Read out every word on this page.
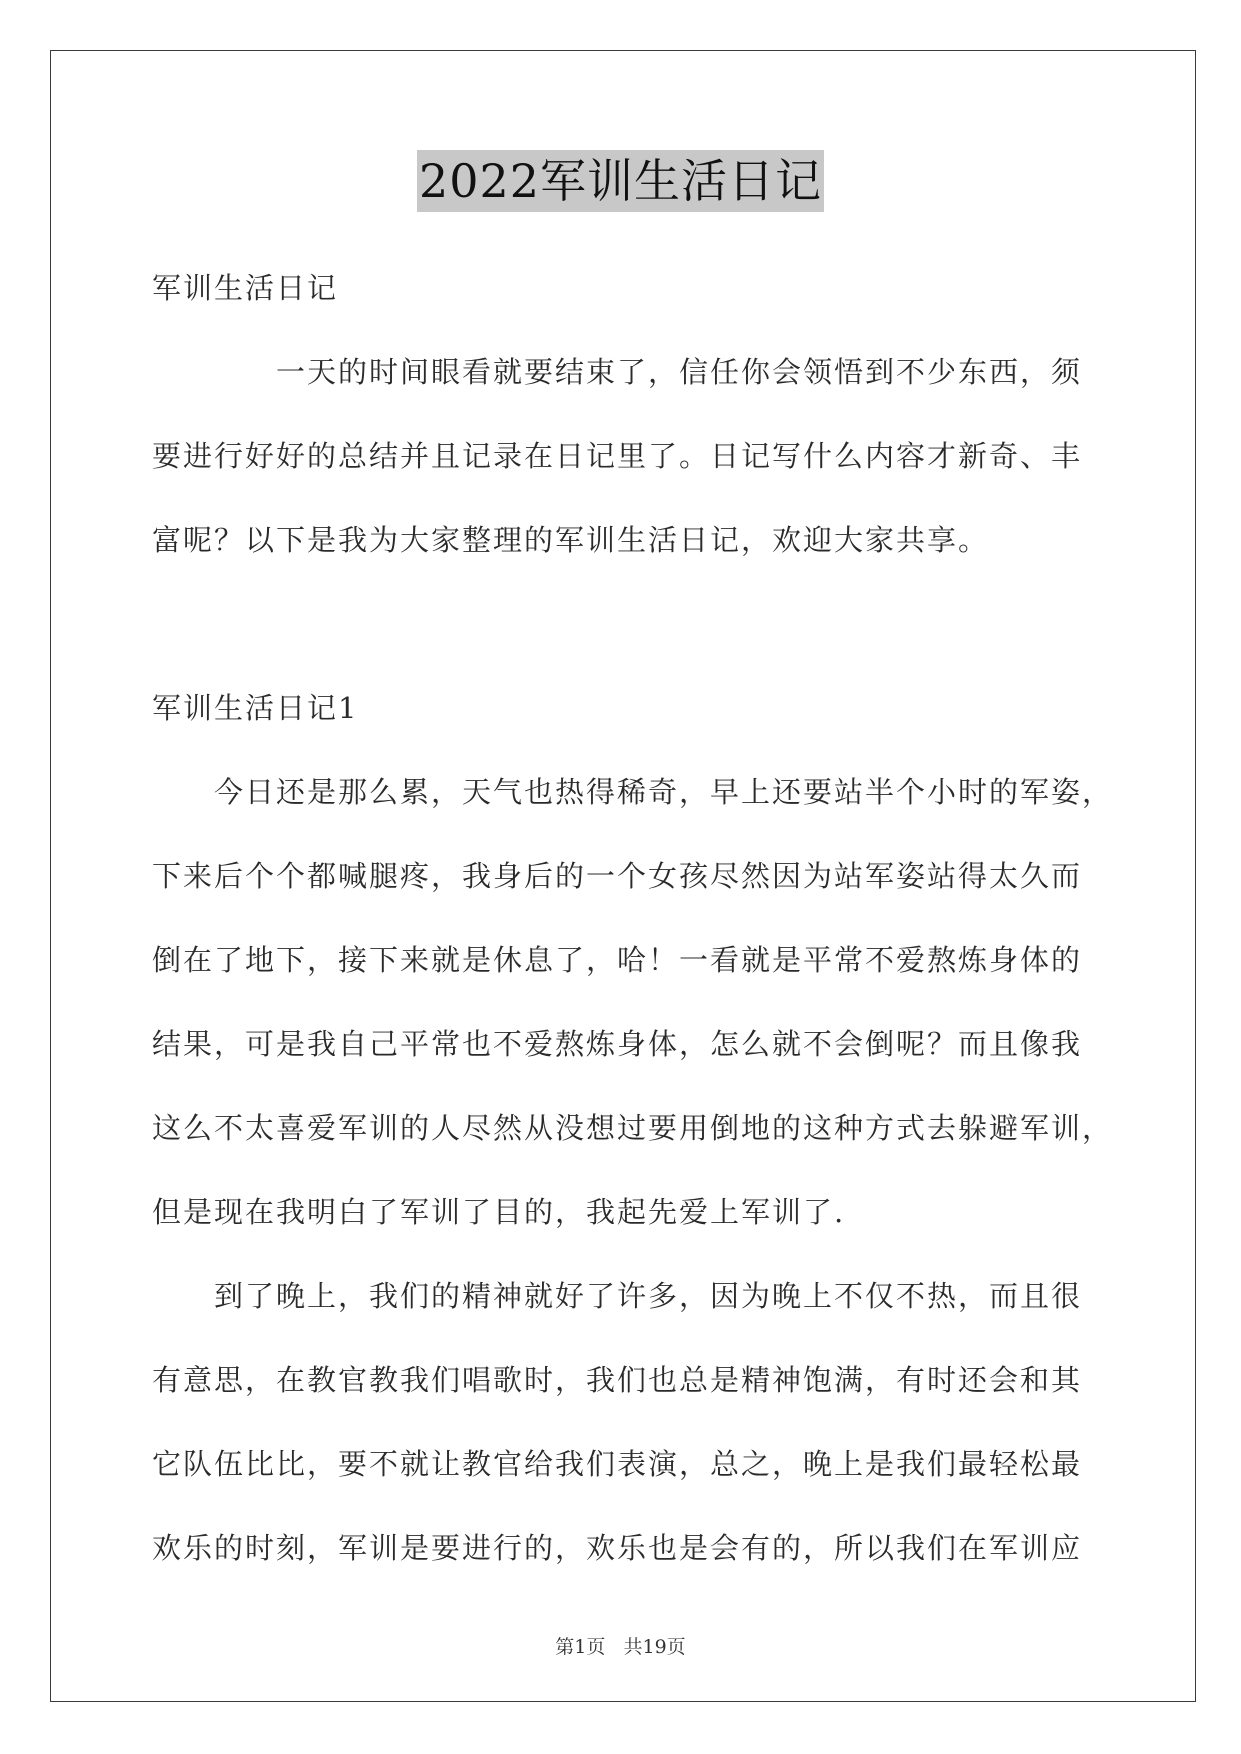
2022军训生活日记
军训生活日记
一天的时间眼看就要结束了，信任你会领悟到不少东西，须
要进行好好的总结并且记录在日记里了。日记写什么内容才新奇、丰
富呢？以下是我为大家整理的军训生活日记，欢迎大家共享。
军训生活日记1
今日还是那么累，天气也热得稀奇，早上还要站半个小时的军姿，
下来后个个都喊腿疼，我身后的一个女孩尽然因为站军姿站得太久而
倒在了地下，接下来就是休息了，哈！一看就是平常不爱熬炼身体的
结果，可是我自己平常也不爱熬炼身体，怎么就不会倒呢？而且像我
这么不太喜爱军训的人尽然从没想过要用倒地的这种方式去躲避军训，
但是现在我明白了军训了目的，我起先爱上军训了.
到了晚上，我们的精神就好了许多，因为晚上不仅不热，而且很
有意思，在教官教我们唱歌时，我们也总是精神饱满，有时还会和其
它队伍比比，要不就让教官给我们表演，总之，晚上是我们最轻松最
欢乐的时刻，军训是要进行的，欢乐也是会有的，所以我们在军训应
第1页   共19页
